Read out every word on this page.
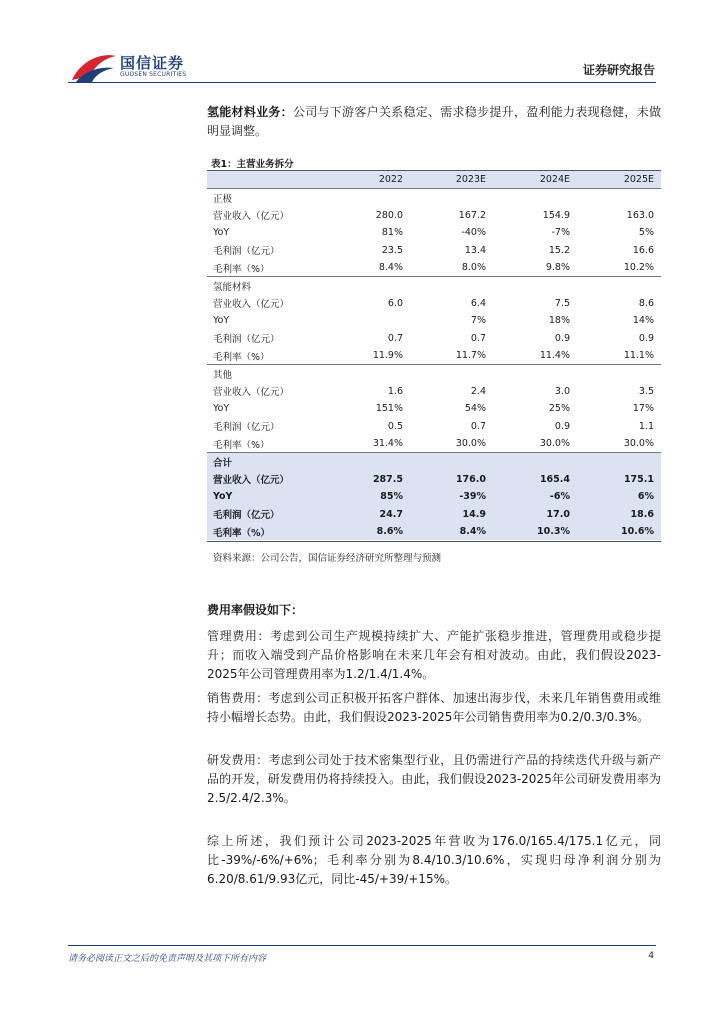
国信证券
GUOSEN SECURITIES	证券研究报告
氢能材料业务：公司与下游客户关系稳定、需求稳步提升，盈利能力表现稳健，未做明显调整。
表1：主营业务拆分
	2022	2023E	2024E	2025E
正极				
营业收入（亿元）	280.0	167.2	154.9	163.0
YoY	81%	-40%	-7%	5%
毛利润（亿元）	23.5	13.4	15.2	16.6
毛利率（%）	8.4%	8.0%	9.8%	10.2%
氢能材料				
营业收入（亿元）	6.0	6.4	7.5	8.6
YoY		7%	18%	14%
毛利润（亿元）	0.7	0.7	0.9	0.9
毛利率（%）	11.9%	11.7%	11.4%	11.1%
其他				
营业收入（亿元）	1.6	2.4	3.0	3.5
YoY	151%	54%	25%	17%
毛利润（亿元）	0.5	0.7	0.9	1.1
毛利率（%）	31.4%	30.0%	30.0%	30.0%
合计				
营业收入（亿元）	287.5	176.0	165.4	175.1
YoY	85%	-39%	-6%	6%
毛利润（亿元）	24.7	14.9	17.0	18.6
毛利率（%）	8.6%	8.4%	10.3%	10.6%
资料来源：公司公告，国信证券经济研究所整理与预测
费用率假设如下：
管理费用：考虑到公司生产规模持续扩大、产能扩张稳步推进，管理费用或稳步提升；而收入端受到产品价格影响在未来几年会有相对波动。由此，我们假设2023-2025年公司管理费用率为1.2/1.4/1.4%。
销售费用：考虑到公司正积极开拓客户群体、加速出海步伐，未来几年销售费用或维持小幅增长态势。由此，我们假设2023-2025年公司销售费用率为0.2/0.3/0.3%。
研发费用：考虑到公司处于技术密集型行业，且仍需进行产品的持续迭代升级与新产品的开发，研发费用仍将持续投入。由此，我们假设2023-2025年公司研发费用率为2.5/2.4/2.3%。
综上所述，我们预计公司2023-2025年营收为176.0/165.4/175.1亿元，同比-39%/-6%/+6%；毛利率分别为8.4/10.3/10.6%，实现归母净利润分别为6.20/8.61/9.93亿元，同比-45/+39/+15%。
请务必阅读正文之后的免责声明及其项下所有内容	4
